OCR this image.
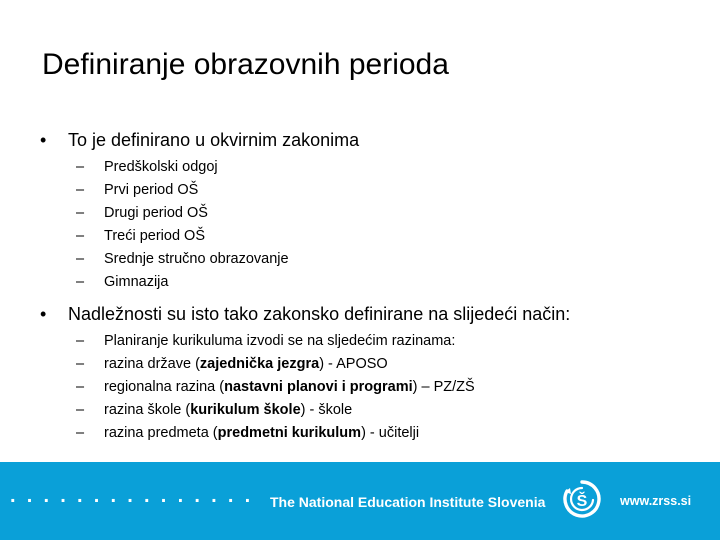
Definiranje obrazovnih perioda
• To je definirano u okvirnim zakonima
– Predškolski odgoj
– Prvi period OŠ
– Drugi period OŠ
– Treći period OŠ
– Srednje stručno obrazovanje
– Gimnazija
• Nadležnosti su isto tako zakonsko definirane na slijedeći način:
– Planiranje kurikuluma izvodi se na sljedećim razinama:
– razina države (zajednička jezgra) - APOSO
– regionalna razina (nastavni planovi i programi) – PZ/ZŠ
– razina škole (kurikulum škole) - škole
– razina predmeta (predmetni kurikulum) - učitelji
............... The National Education Institute Slovenia Š	www.zrss.si
